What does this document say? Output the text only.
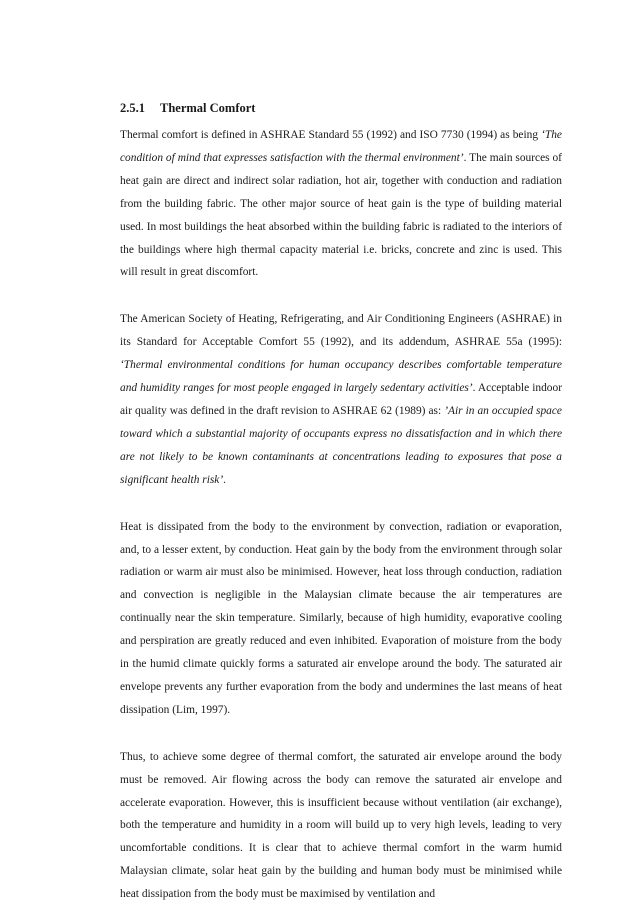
2.5.1 Thermal Comfort

Thermal comfort is defined in ASHRAE Standard 55 (1992) and ISO 7730 (1994) as being ‘The condition of mind that expresses satisfaction with the thermal environment’. The main sources of heat gain are direct and indirect solar radiation, hot air, together with conduction and radiation from the building fabric. The other major source of heat gain is the type of building material used. In most buildings the heat absorbed within the building fabric is radiated to the interiors of the buildings where high thermal capacity material i.e. bricks, concrete and zinc is used. This will result in great discomfort.

The American Society of Heating, Refrigerating, and Air Conditioning Engineers (ASHRAE) in its Standard for Acceptable Comfort 55 (1992), and its addendum, ASHRAE 55a (1995): ‘Thermal environmental conditions for human occupancy describes comfortable temperature and humidity ranges for most people engaged in largely sedentary activities’. Acceptable indoor air quality was defined in the draft revision to ASHRAE 62 (1989) as: ’Air in an occupied space toward which a substantial majority of occupants express no dissatisfaction and in which there are not likely to be known contaminants at concentrations leading to exposures that pose a significant health risk’.

Heat is dissipated from the body to the environment by convection, radiation or evaporation, and, to a lesser extent, by conduction. Heat gain by the body from the environment through solar radiation or warm air must also be minimised. However, heat loss through conduction, radiation and convection is negligible in the Malaysian climate because the air temperatures are continually near the skin temperature. Similarly, because of high humidity, evaporative cooling and perspiration are greatly reduced and even inhibited. Evaporation of moisture from the body in the humid climate quickly forms a saturated air envelope around the body. The saturated air envelope prevents any further evaporation from the body and undermines the last means of heat dissipation (Lim, 1997).

Thus, to achieve some degree of thermal comfort, the saturated air envelope around the body must be removed. Air flowing across the body can remove the saturated air envelope and accelerate evaporation. However, this is insufficient because without ventilation (air exchange), both the temperature and humidity in a room will build up to very high levels, leading to very uncomfortable conditions. It is clear that to achieve thermal comfort in the warm humid Malaysian climate, solar heat gain by the building and human body must be minimised while heat dissipation from the body must be maximised by ventilation and
